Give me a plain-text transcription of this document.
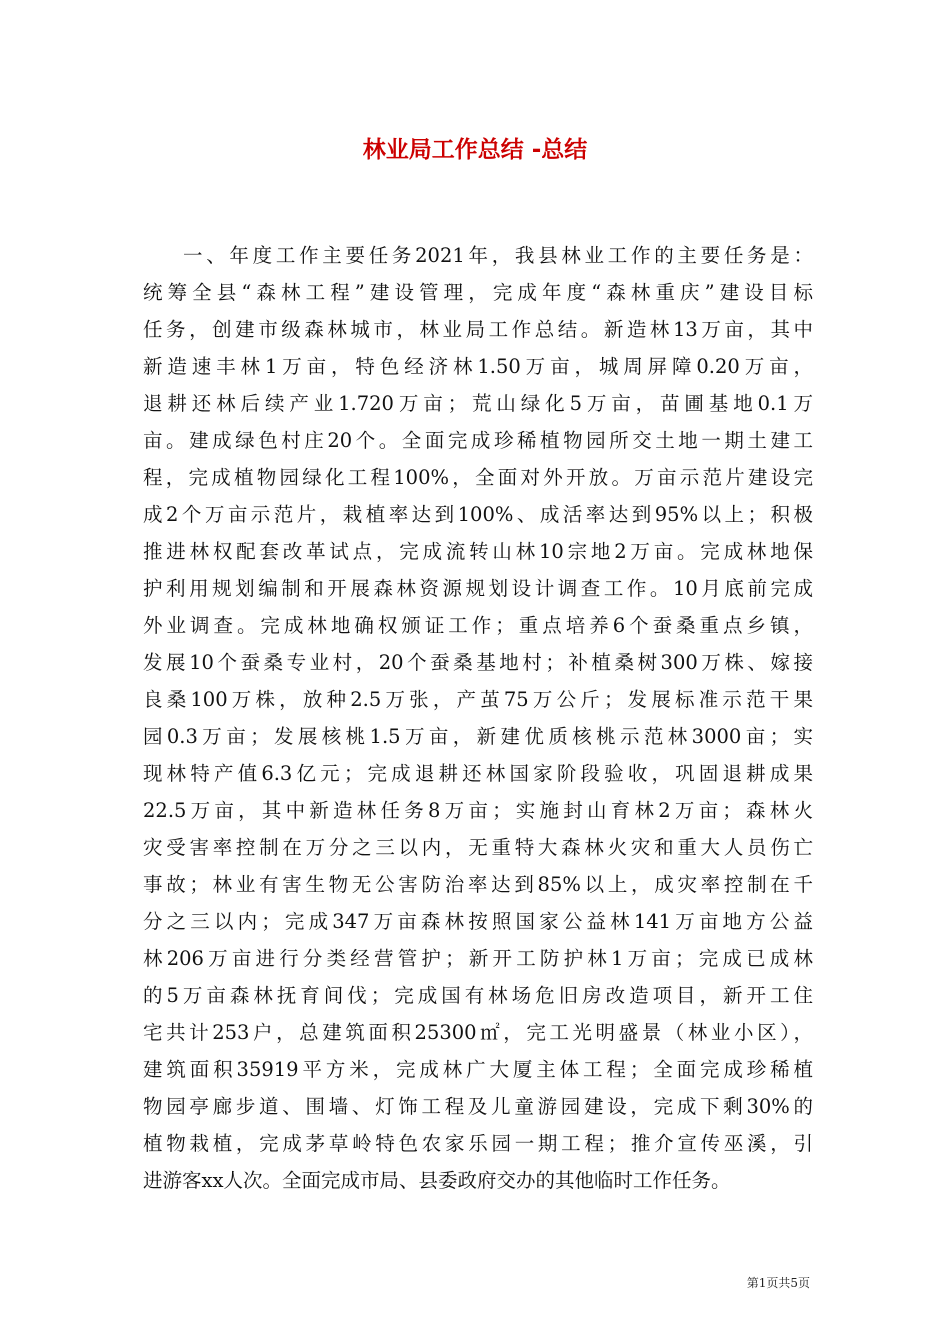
林业局工作总结 -总结
一、年度工作主要任务2021年，我县林业工作的主要任务是：
统筹全县“森林工程”建设管理，完成年度“森林重庆”建设目标
任务，创建市级森林城市，林业局工作总结。新造林13万亩，其中
新造速丰林1万亩，特色经济林1.50万亩，城周屏障0.20万亩，
退耕还林后续产业1.720万亩；荒山绿化5万亩，苗圃基地0.1万
亩。建成绿色村庄20个。全面完成珍稀植物园所交土地一期土建工
程，完成植物园绿化工程100%，全面对外开放。万亩示范片建设完
成2个万亩示范片，栽植率达到100%、成活率达到95%以上；积极
推进林权配套改革试点，完成流转山林10宗地2万亩。完成林地保
护利用规划编制和开展森林资源规划设计调查工作。10月底前完成
外业调查。完成林地确权颁证工作；重点培养6个蚕桑重点乡镇，
发展10个蚕桑专业村，20个蚕桑基地村；补植桑树300万株、嫁接
良桑100万株，放种2.5万张，产茧75万公斤；发展标准示范干果
园0.3万亩；发展核桃1.5万亩，新建优质核桃示范林3000亩；实
现林特产值6.3亿元；完成退耕还林国家阶段验收，巩固退耕成果
22.5万亩，其中新造林任务8万亩；实施封山育林2万亩；森林火
灾受害率控制在万分之三以内，无重特大森林火灾和重大人员伤亡
事故；林业有害生物无公害防治率达到85%以上，成灾率控制在千
分之三以内；完成347万亩森林按照国家公益林141万亩地方公益
林206万亩进行分类经营管护；新开工防护林1万亩；完成已成林
的5万亩森林抚育间伐；完成国有林场危旧房改造项目，新开工住
宅共计253户，总建筑面积25300㎡，完工光明盛景（林业小区），
建筑面积35919平方米，完成林广大厦主体工程；全面完成珍稀植
物园亭廊步道、围墙、灯饰工程及儿童游园建设，完成下剩30%的
植物栽植，完成茅草岭特色农家乐园一期工程；推介宣传巫溪，引
进游客xx人次。全面完成市局、县委政府交办的其他临时工作任务。
第1页共5页
